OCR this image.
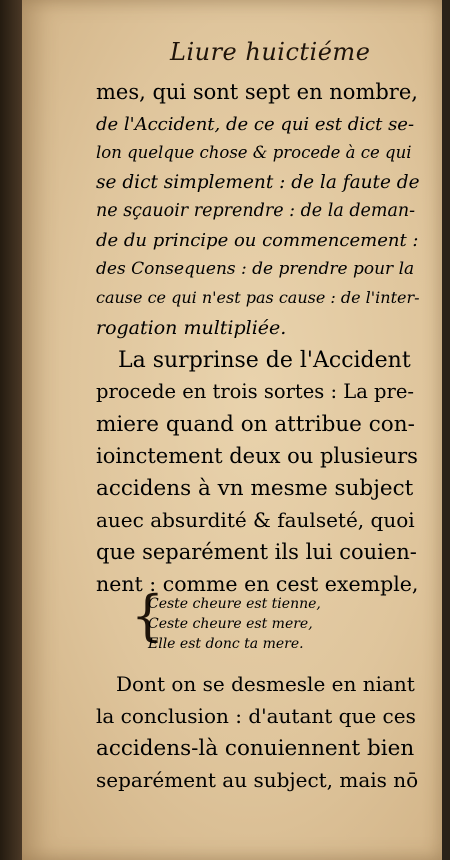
Liure huictiéme
mes, qui sont sept en nombre,
de l'Accident, de ce qui est dict se-
lon quelque chose & procede à ce qui
se dict simplement : de la faute de
ne sçauoir reprendre : de la deman-
de du principe ou commencement :
des Consequens : de prendre pour la
cause ce qui n'est pas cause : de l'inter-
rogation multipliée.
La surprinse de l'Accident
procede en trois sortes : La pre-
miere quand on attribue con-
ioinctement deux ou plusieurs
accidens à vn mesme subject
auec absurdité & faulseté, quoi
que separément ils lui couien-
nent : comme en cest exemple,
{
Ceste cheure est tienne,
Ceste cheure est mere,
Elle est donc ta mere.
Dont on se desmesle en niant
la conclusion : d'autant que ces
accidens-là conuiennent bien
separément au subject, mais nō
